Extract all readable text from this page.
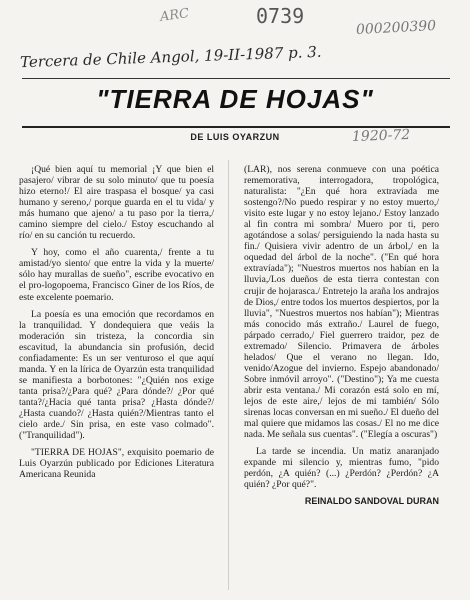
ARC	0739	000200390
Tercera de Chile Angol, 19-II-1987 p. 3.
"TIERRA DE HOJAS"
DE LUIS OYARZUN	1920-72

¡Qué bien aquí tu memorial ¡Y que bien el pasajero/ vibrar de su solo minuto/ que tu poesía hizo eterno!/ El aire traspasa el bosque/ ya casi humano y sereno,/ porque guarda en el tu vida/ y más humano que ajeno/ a tu paso por la tierra,/ camino siempre del cielo./ Estoy escuchando al río/ en su canción tu recuerdo.

Y hoy, como el año cuarenta,/ frente a tu amistad/yo siento/ que entre la vida y la muerte/ sólo hay murallas de sueño", escribe evocativo en el pro-logopoema, Francisco Giner de los Ríos, de este excelente poemario.

La poesía es una emoción que recordamos en la tranquilidad. Y dondequiera que veáis la moderación sin tristeza, la concordia sin escavitud, la abundancia sin profusión, decid confiadamente: Es un ser venturoso el que aquí manda. Y en la lírica de Oyarzún esta tranquilidad se manifiesta a borbotones: "¿Quién nos exige tanta prisa?/¿Para qué? ¿Para dónde?/ ¿Por qué tanta?/¿Hacia qué tanta prisa? ¿Hasta dónde?/¿Hasta cuando?/ ¿Hasta quién?/Mientras tanto el cielo arde./ Sin prisa, en este vaso colmado". ("Tranquilidad").

"TIERRA DE HOJAS", exquisito poemario de Luis Oyarzún publicado por Ediciones Literatura Americana Reunida

(LAR), nos serena conmueve con una poética rememorativa, interrogadora, tropológica, naturalista: "¿En qué hora extravíada me sostengo?/No puedo respirar y no estoy muerto,/ visito este lugar y no estoy lejano./ Estoy lanzado al fin contra mi sombra/ Muero por ti, pero agotándose a solas/ persiguiendo la nada hasta su fin./ Quisiera vivir adentro de un árbol,/ en la oquedad del árbol de la noche". ("En qué hora extravíada"); "Nuestros muertos nos habían en la lluvia,/Los dueños de esta tierra contestan con crujir de hojarasca./ Entretejo la araña los andrajos de Dios,/ entre todos los muertos despiertos, por la lluvia", "Nuestros muertos nos habían"); Mientras más conocido más extraño./ Laurel de fuego, párpado cerrado,/ Fiel guerrero traidor, pez de extremado/ Silencio. Primavera de árboles helados/ Que el verano no llegan. Ido, venido/Azogue del invierno. Espejo abandonado/ Sobre inmóvil arroyo". ("Destino"); Ya me cuesta abrir esta ventana./ Mi corazón está solo en mí, lejos de este aire,/ lejos de mi también/ Sólo sirenas locas conversan en mi sueño./ El dueño del mal quiere que midamos las cosas./ El no me dice nada. Me señala sus cuentas". ("Elegía a oscuras")

La tarde se incendia. Un matiz anaranjado expande mi silencio y, mientras fumo, "pido perdón, ¿A quién? (...) ¿Perdón? ¿Perdón? ¿A quién? ¿Por qué?".

REINALDO SANDOVAL DURAN
